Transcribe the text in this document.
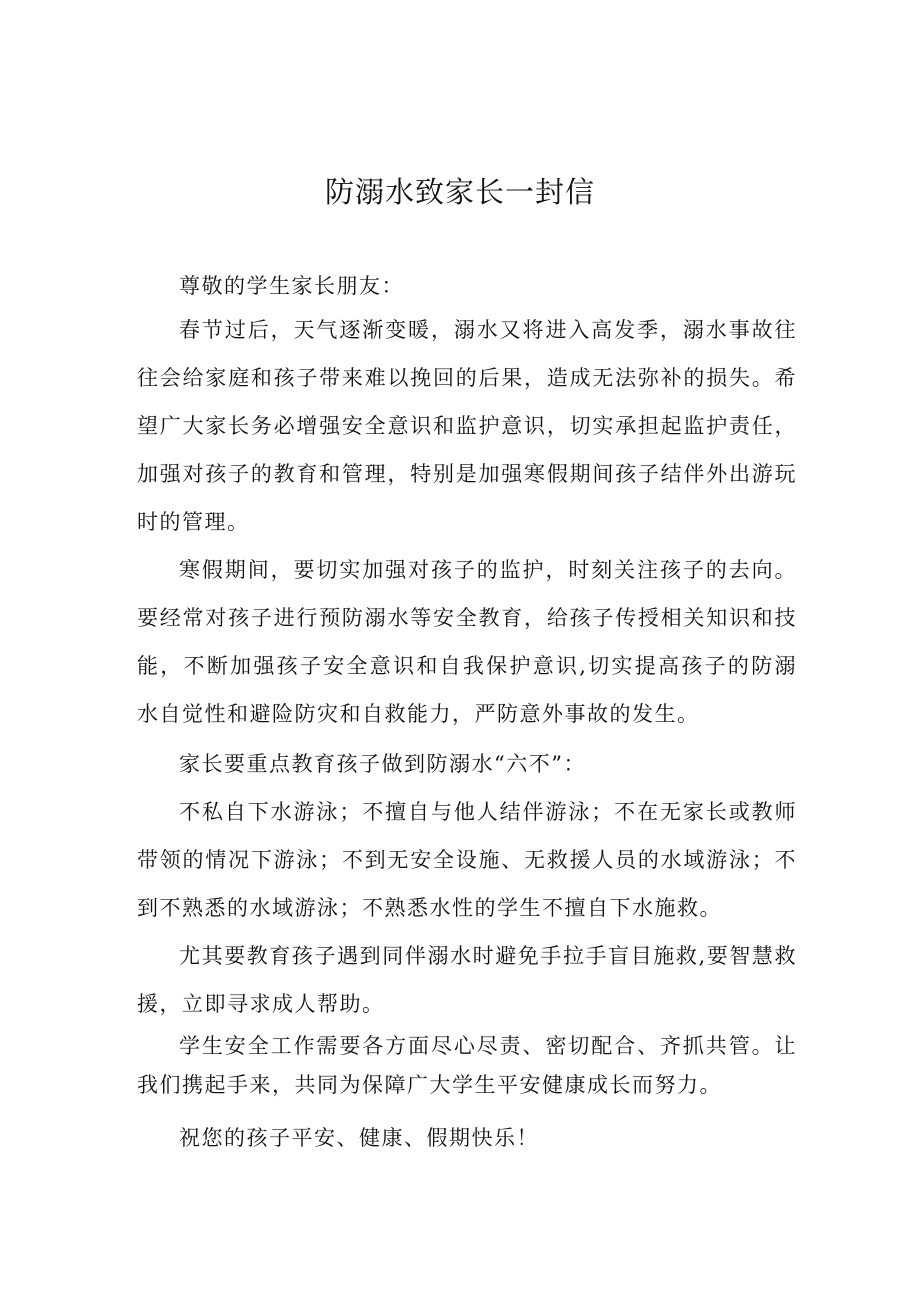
防溺水致家长一封信

尊敬的学生家长朋友：

春节过后，天气逐渐变暖，溺水又将进入高发季，溺水事故往往会给家庭和孩子带来难以挽回的后果，造成无法弥补的损失。希望广大家长务必增强安全意识和监护意识，切实承担起监护责任，加强对孩子的教育和管理，特别是加强寒假期间孩子结伴外出游玩时的管理。

寒假期间，要切实加强对孩子的监护，时刻关注孩子的去向。要经常对孩子进行预防溺水等安全教育，给孩子传授相关知识和技能，不断加强孩子安全意识和自我保护意识,切实提高孩子的防溺水自觉性和避险防灾和自救能力，严防意外事故的发生。

家长要重点教育孩子做到防溺水“六不”：

不私自下水游泳；不擅自与他人结伴游泳；不在无家长或教师带领的情况下游泳；不到无安全设施、无救援人员的水域游泳；不到不熟悉的水域游泳；不熟悉水性的学生不擅自下水施救。

尤其要教育孩子遇到同伴溺水时避免手拉手盲目施救,要智慧救援，立即寻求成人帮助。

学生安全工作需要各方面尽心尽责、密切配合、齐抓共管。让我们携起手来，共同为保障广大学生平安健康成长而努力。

祝您的孩子平安、健康、假期快乐！
